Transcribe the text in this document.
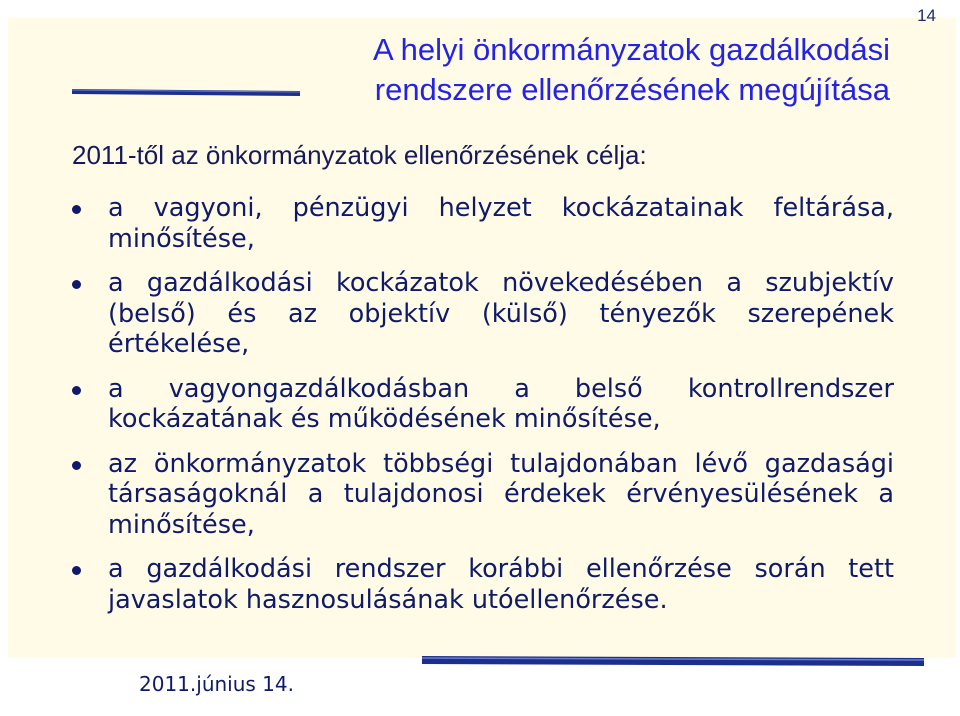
14
A helyi önkormányzatok gazdálkodási
rendszere ellenőrzésének megújítása
2011-től az önkormányzatok ellenőrzésének célja:
a vagyoni, pénzügyi helyzet kockázatainak feltárása, minősítése,
a gazdálkodási kockázatok növekedésében a szubjektív (belső) és az objektív (külső) tényezők szerepének értékelése,
a vagyongazdálkodásban a belső kontrollrendszer kockázatának és működésének minősítése,
az önkormányzatok többségi tulajdonában lévő gazdasági társaságoknál a tulajdonosi érdekek érvényesülésének a minősítése,
a gazdálkodási rendszer korábbi ellenőrzése során tett javaslatok hasznosulásának utóellenőrzése.
2011.június 14.
